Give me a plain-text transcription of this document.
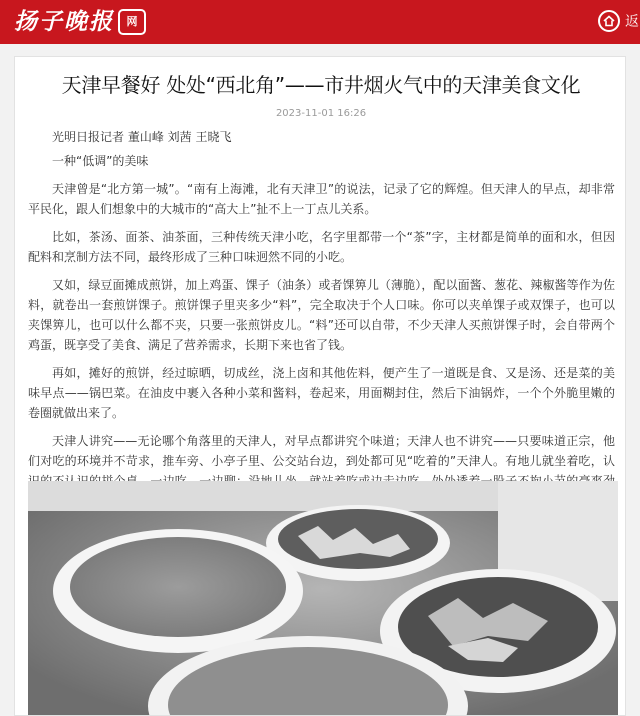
扬子晚报	网	返
天津早餐好 处处“西北角”——市井烟火气中的天津美食文化
2023-11-01 16:26

光明日报记者 董山峰 刘茜 王晓飞

一种“低调”的美味

天津曾是“北方第一城”。“南有上海滩，北有天津卫”的说法，记录了它的辉煌。但天津人的早点，却非常平民化，跟人们想象中的大城市的“高大上”扯不上一丁点儿关系。

比如，茶汤、面茶、油茶面，三种传统天津小吃，名字里都带一个“茶”字，主材都是简单的面和水，但因配料和烹制方法不同，最终形成了三种口味迥然不同的小吃。

又如，绿豆面摊成煎饼，加上鸡蛋、馃子（油条）或者馃箅儿（薄脆），配以面酱、葱花、辣椒酱等作为佐料，就卷出一套煎饼馃子。煎饼馃子里夹多少“料”，完全取决于个人口味。你可以夹单馃子或双馃子，也可以夹馃箅儿，也可以什么都不夹，只要一张煎饼皮儿。“料”还可以自带，不少天津人买煎饼馃子时，会自带两个鸡蛋，既享受了美食、满足了营养需求，长期下来也省了钱。

再如，摊好的煎饼，经过晾晒，切成丝，浇上卤和其他佐料，便产生了一道既是食、又是汤、还是菜的美味早点——锅巴菜。在油皮中裹入各种小菜和酱料，卷起来，用面糊封住，然后下油锅炸，一个个外脆里嫩的卷圈就做出来了。

天津人讲究——无论哪个角落里的天津人，对早点都讲究个味道；天津人也不讲究——只要味道正宗，他们对吃的环境并不苛求，推车旁、小亭子里、公交站台边，到处都可见“吃着的”天津人。有地儿就坐着吃，认
